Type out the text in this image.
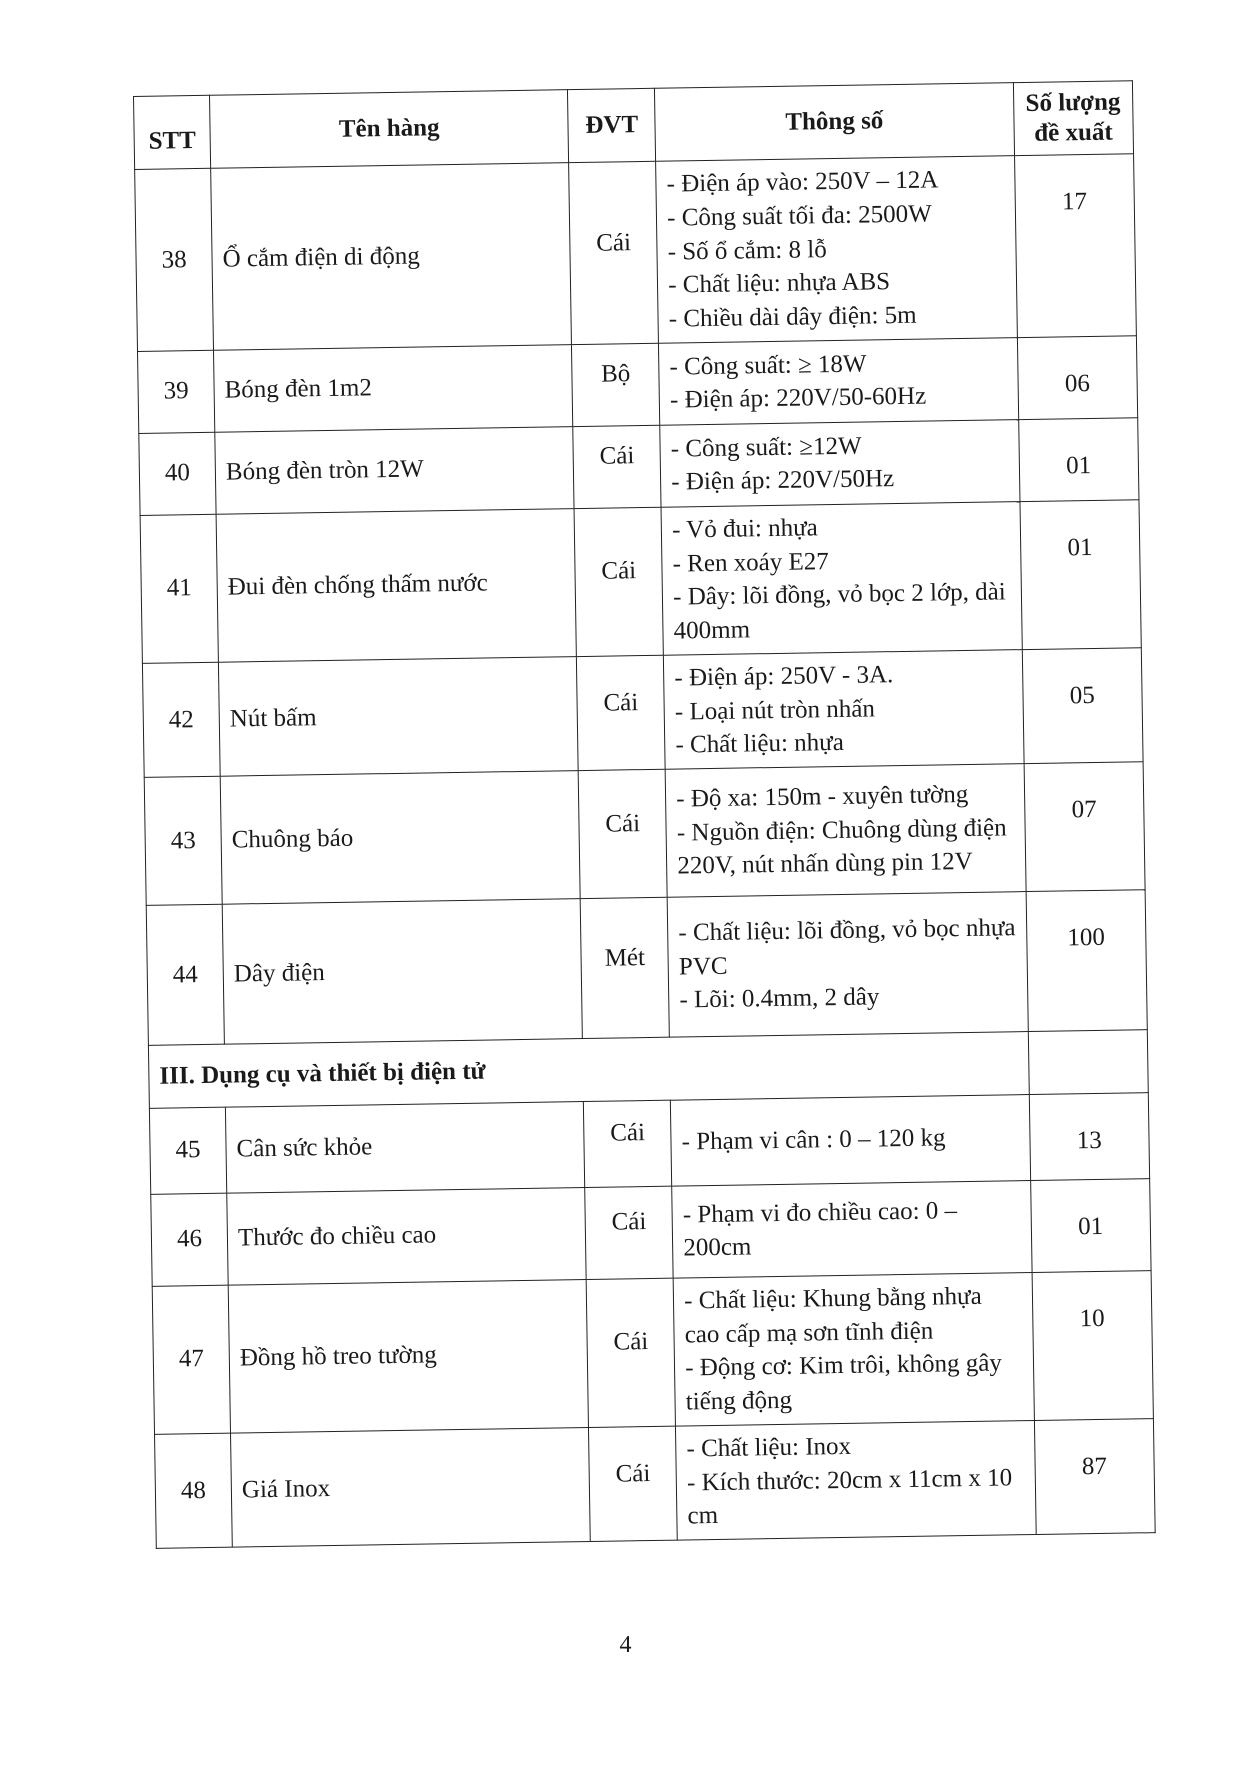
STT	Tên hàng	ĐVT	Thông số	Số lượng
đề xuất
38	Ổ cắm điện di động	Cái	- Điện áp vào: 250V – 12A
- Công suất tối đa: 2500W
- Số ổ cắm: 8 lỗ
- Chất liệu: nhựa ABS
- Chiều dài dây điện: 5m	17
39	Bóng đèn 1m2	Bộ	- Công suất: ≥ 18W
- Điện áp: 220V/50-60Hz	06
40	Bóng đèn tròn 12W	Cái	- Công suất: ≥12W
- Điện áp: 220V/50Hz	01
41	Đui đèn chống thấm nước	Cái	- Vỏ đui: nhựa
- Ren xoáy E27
- Dây: lõi đồng, vỏ bọc 2 lớp, dài 400mm	01
42	Nút bấm	Cái	- Điện áp: 250V - 3A.
- Loại nút tròn nhấn
- Chất liệu: nhựa	05
43	Chuông báo	Cái	- Độ xa: 150m - xuyên tường
- Nguồn điện: Chuông dùng điện 220V, nút nhấn dùng pin 12V	07
44	Dây điện	Mét	- Chất liệu: lõi đồng, vỏ bọc nhựa PVC
- Lõi: 0.4mm, 2 dây	100
III. Dụng cụ và thiết bị điện tử				
45	Cân sức khỏe	Cái	- Phạm vi cân : 0 – 120 kg	13
46	Thước đo chiều cao	Cái	- Phạm vi đo chiều cao: 0 – 200cm	01
47	Đồng hồ treo tường	Cái	- Chất liệu: Khung bằng nhựa cao cấp mạ sơn tĩnh điện
- Động cơ: Kim trôi, không gây tiếng động	10
48	Giá Inox	Cái	- Chất liệu: Inox
- Kích thước: 20cm x 11cm x 10 cm	87
4
